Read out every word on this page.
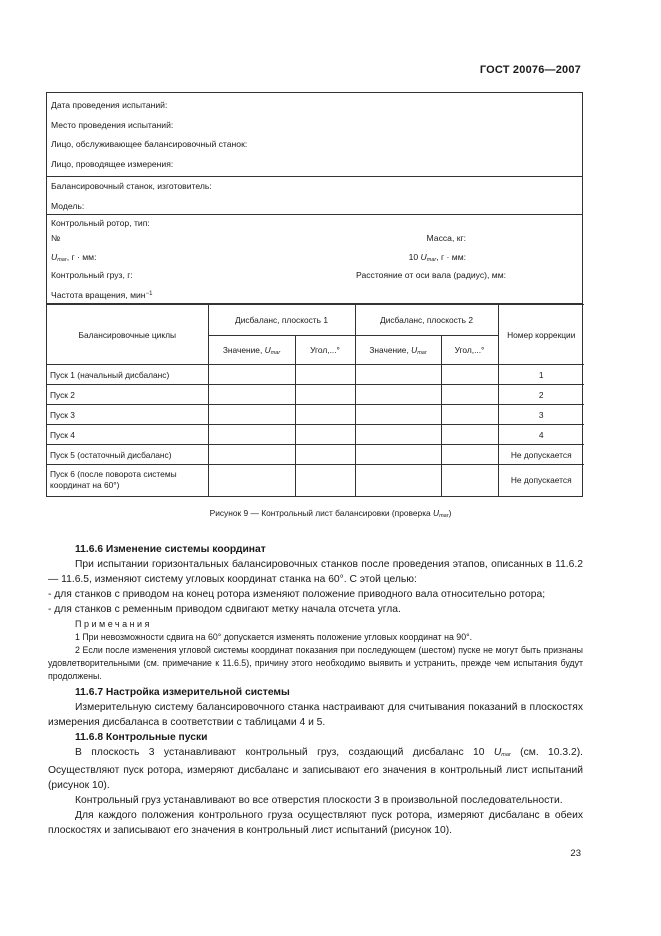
ГОСТ 20076—2007
Дата проведения испытаний:
Место проведения испытаний:
Лицо, обслуживающее балансировочный станок:
Лицо, проводящее измерения:
Балансировочный станок, изготовитель:
Модель:
Контрольный ротор, тип:
№	Масса, кг:
$U_{mar}$, г · мм:	10 $U_{mar}$, г · мм:
Контрольный груз, г:	Расстояние от оси вала (радиус), мм:
Частота вращения, мин$^{-1}$
Балансировочные циклы	Дисбаланс, плоскость 1		Дисбаланс, плоскость 2		Номер коррекции
	Значение, $U_{mar}$	Угол,...°	Значение, $U_{mar}$	Угол,...°	
Пуск 1 (начальный дисбаланс)					1
Пуск 2					2
Пуск 3					3
Пуск 4					4
Пуск 5 (остаточный дисбаланс)					Не допускается
Пуск 6 (после поворота системы координат на 60°)					Не допускается
Рисунок 9 — Контрольный лист балансировки (проверка $U_{mar}$)
11.6.6 Изменение системы координат
При испытании горизонтальных балансировочных станков после проведения этапов, описанных в 11.6.2 — 11.6.5, изменяют систему угловых координат станка на 60°. С этой целью:
- для станков с приводом на конец ротора изменяют положение приводного вала относительно ротора;
- для станков с ременным приводом сдвигают метку начала отсчета угла.
Примечания
1 При невозможности сдвига на 60° допускается изменять положение угловых координат на 90°.
2 Если после изменения угловой системы координат показания при последующем (шестом) пуске не могут быть признаны удовлетворительными (см. примечание к 11.6.5), причину этого необходимо выявить и устранить, прежде чем испытания будут продолжены.
11.6.7 Настройка измерительной системы
Измерительную систему балансировочного станка настраивают для считывания показаний в плоскостях измерения дисбаланса в соответствии с таблицами 4 и 5.
11.6.8 Контрольные пуски
В плоскость 3 устанавливают контрольный груз, создающий дисбаланс 10 $U_{mar}$ (см. 10.3.2). Осуществляют пуск ротора, измеряют дисбаланс и записывают его значения в контрольный лист испытаний (рисунок 10).
Контрольный груз устанавливают во все отверстия плоскости 3 в произвольной последовательности.
Для каждого положения контрольного груза осуществляют пуск ротора, измеряют дисбаланс в обеих плоскостях и записывают его значения в контрольный лист испытаний (рисунок 10).
23
